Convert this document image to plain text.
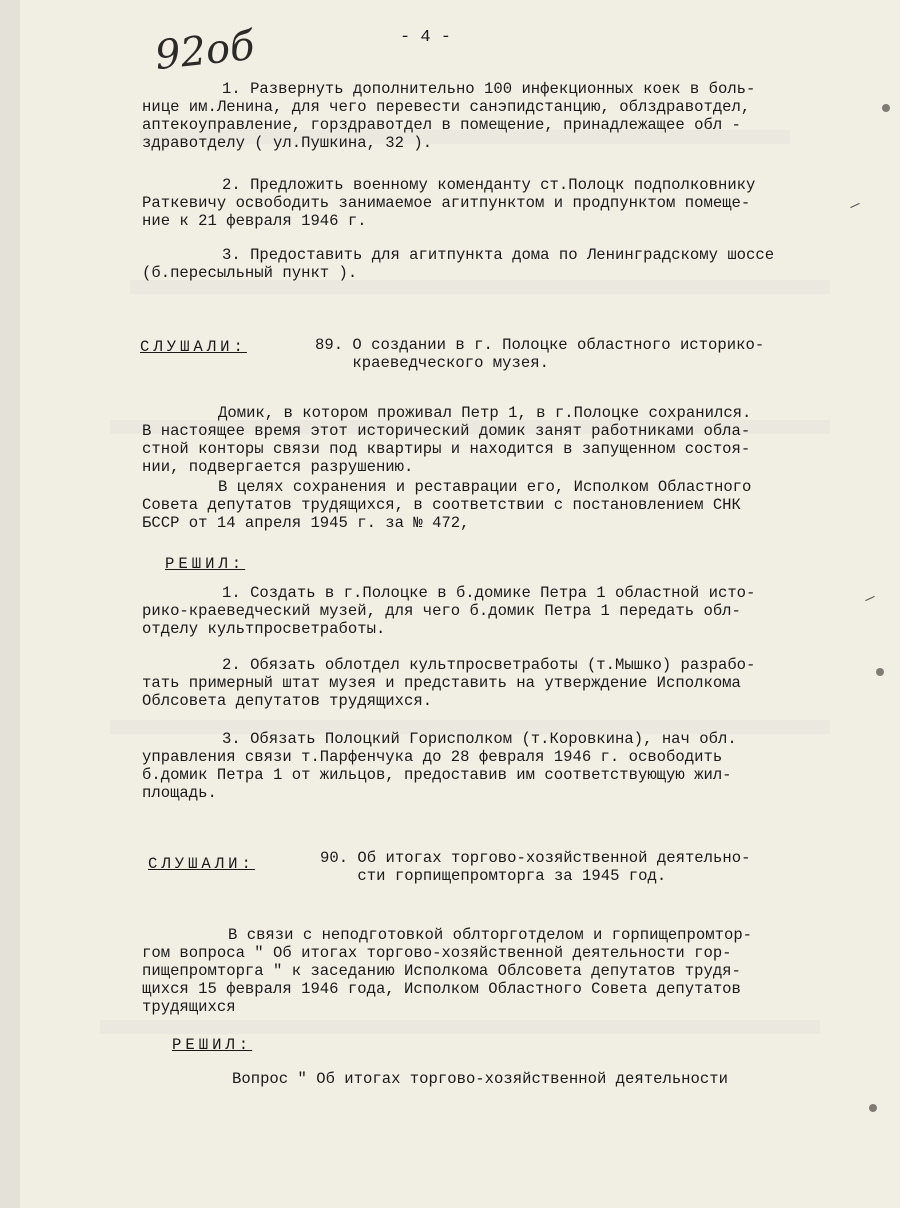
92об	- 4 -
1. Развернуть дополнительно 100 инфекционных коек в боль-
нице им.Ленина, для чего перевести санэпидстанцию, облздравотдел,
аптекоуправление, горздравотдел в помещение, принадлежащее обл -
здравотделу ( ул.Пушкина, 32 ).
2. Предложить военному коменданту ст.Полоцк подполковнику
Раткевичу освободить занимаемое агитпунктом и продпунктом помеще-
ние к 21 февраля 1946 г.
3. Предоставить для агитпункта дома по Ленинградскому шоссе
(б.пересыльный пункт ).
СЛУШАЛИ:	89. О создании в г. Полоцке областного историко-
краеведческого музея.
Домик, в котором проживал Петр 1, в г.Полоцке сохранился.
В настоящее время этот исторический домик занят работниками обла-
стной конторы связи под квартиры и находится в запущенном состоя-
нии, подвергается разрушению.
В целях сохранения и реставрации его, Исполком Областного
Совета депутатов трудящихся, в соответствии с постановлением СНК
БССР от 14 апреля 1945 г. за № 472,
РЕШИЛ:
1. Создать в г.Полоцке в б.домике Петра 1 областной исто-
рико-краеведческий музей, для чего б.домик Петра 1 передать обл-
отделу культпросветработы.
2. Обязать облотдел культпросветработы (т.Мышко) разрабо-
тать примерный штат музея и представить на утверждение Исполкома
Облсовета депутатов трудящихся.
3. Обязать Полоцкий Горисполком (т.Коровкина), нач обл.
управления связи т.Парфенчука до 28 февраля 1946 г. освободить
б.домик Петра 1 от жильцов, предоставив им соответствующую жил-
площадь.
СЛУШАЛИ:	90. Об итогах торгово-хозяйственной деятельно-
сти горпищепромторга за 1945 год.
В связи с неподготовкой облторготделом и горпищепромтор-
гом вопроса " Об итогах торгово-хозяйственной деятельности гор-
пищепромторга " к заседанию Исполкома Облсовета депутатов трудя-
щихся 15 февраля 1946 года, Исполком Областного Совета депутатов
трудящихся
РЕШИЛ:
Вопрос " Об итогах торгово-хозяйственной деятельности
